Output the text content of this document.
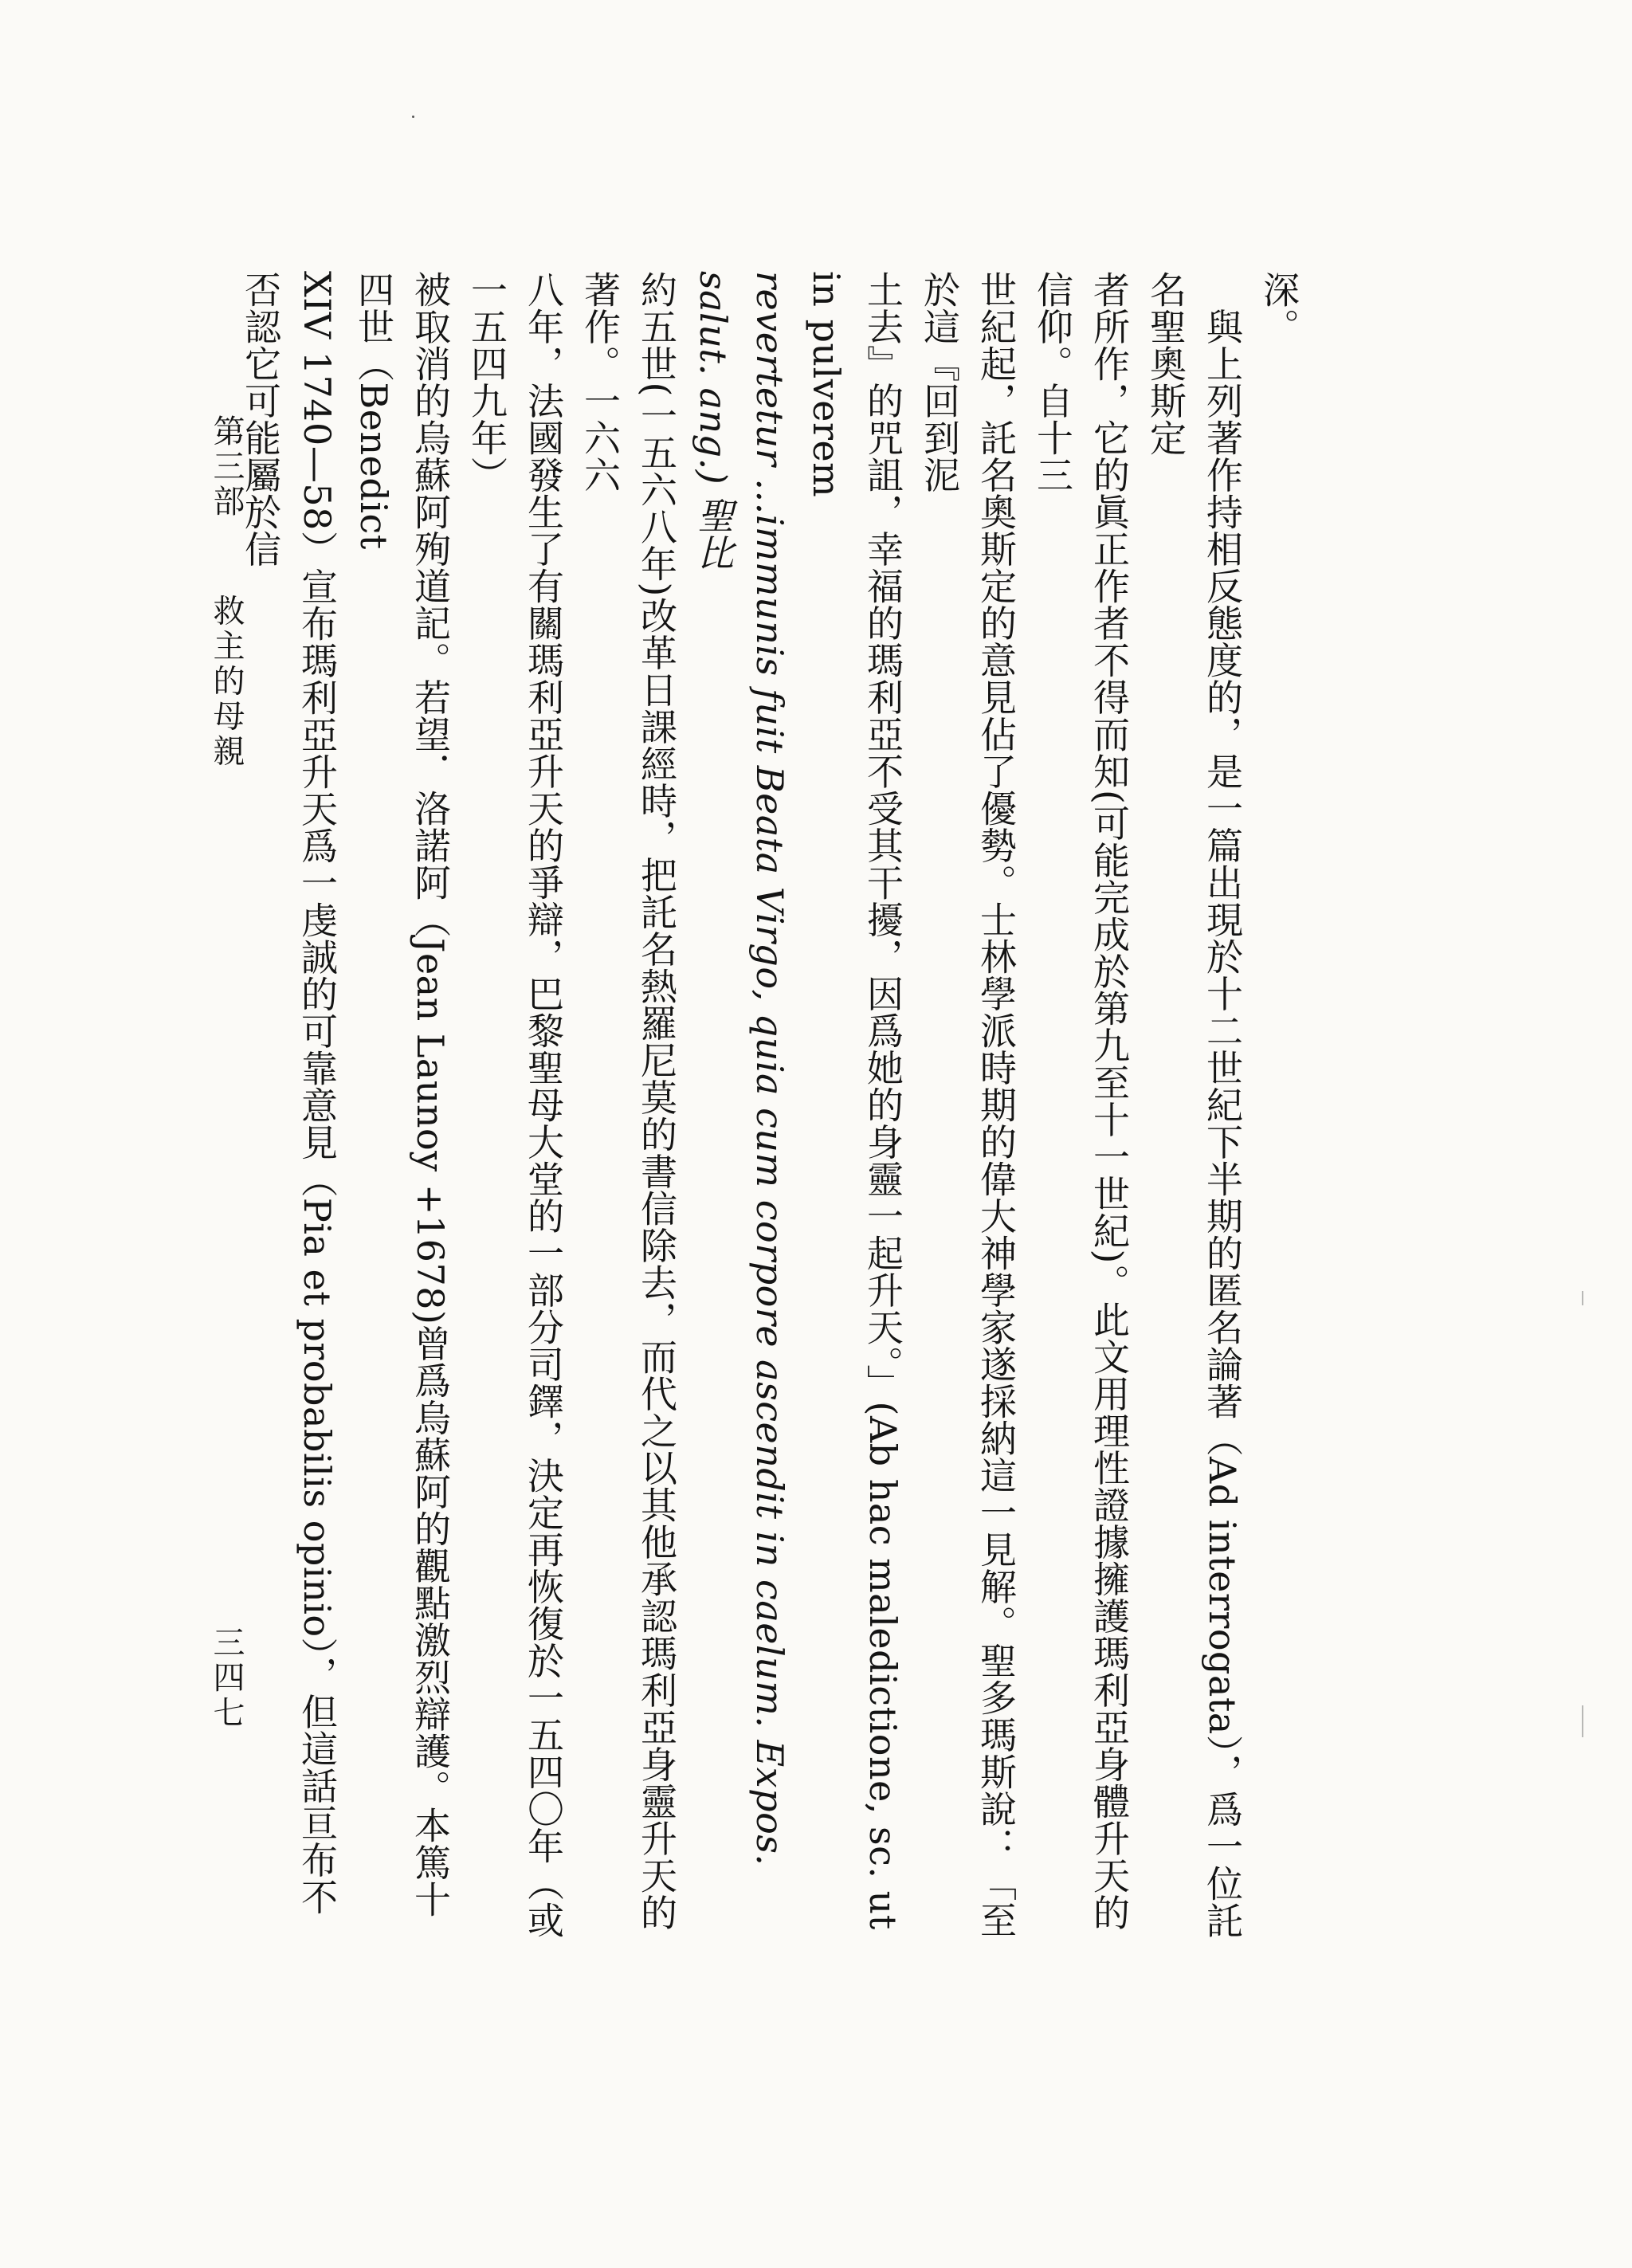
深。

　與上列著作持相反態度的，是一篇出現於十二世紀下半期的匿名論著（Ad interrogata），爲一位託名聖奧斯定

者所作，它的眞正作者不得而知(可能完成於第九至十一世紀)。此文用理性證據擁護瑪利亞身體升天的信仰。自十三

世紀起，託名奧斯定的意見佔了優勢。士林學派時期的偉大神學家遂採納這一見解。聖多瑪斯說：「至於這『回到泥

土去』的咒詛，幸福的瑪利亞不受其干擾，因爲她的身靈一起升天。」(Ab hac maledictione, sc. ut in pulverem

revertetur ...immunis fuit Beata Virgo, quia cum corpore ascendit in caelum. Expos. salut. ang.) 聖比

約五世(一五六八年)改革日課經時，把託名熱羅尼莫的書信除去，而代之以其他承認瑪利亞身靈升天的著作。一六六

八年，法國發生了有關瑪利亞升天的爭辯，巴黎聖母大堂的一部分司鐸，決定再恢復於一五四〇年（或一五四九年）

被取消的烏蘇阿殉道記。若望．洛諾阿（Jean Launoy +1678)曾爲烏蘇阿的觀點激烈辯護。本篤十四世（Benedict

XIV 1740—58）宣布瑪利亞升天爲一虔誠的可靠意見（Pia et probabilis opinio），但這話亘布不否認它可能屬於信

第三部  救主的母親
三四七
